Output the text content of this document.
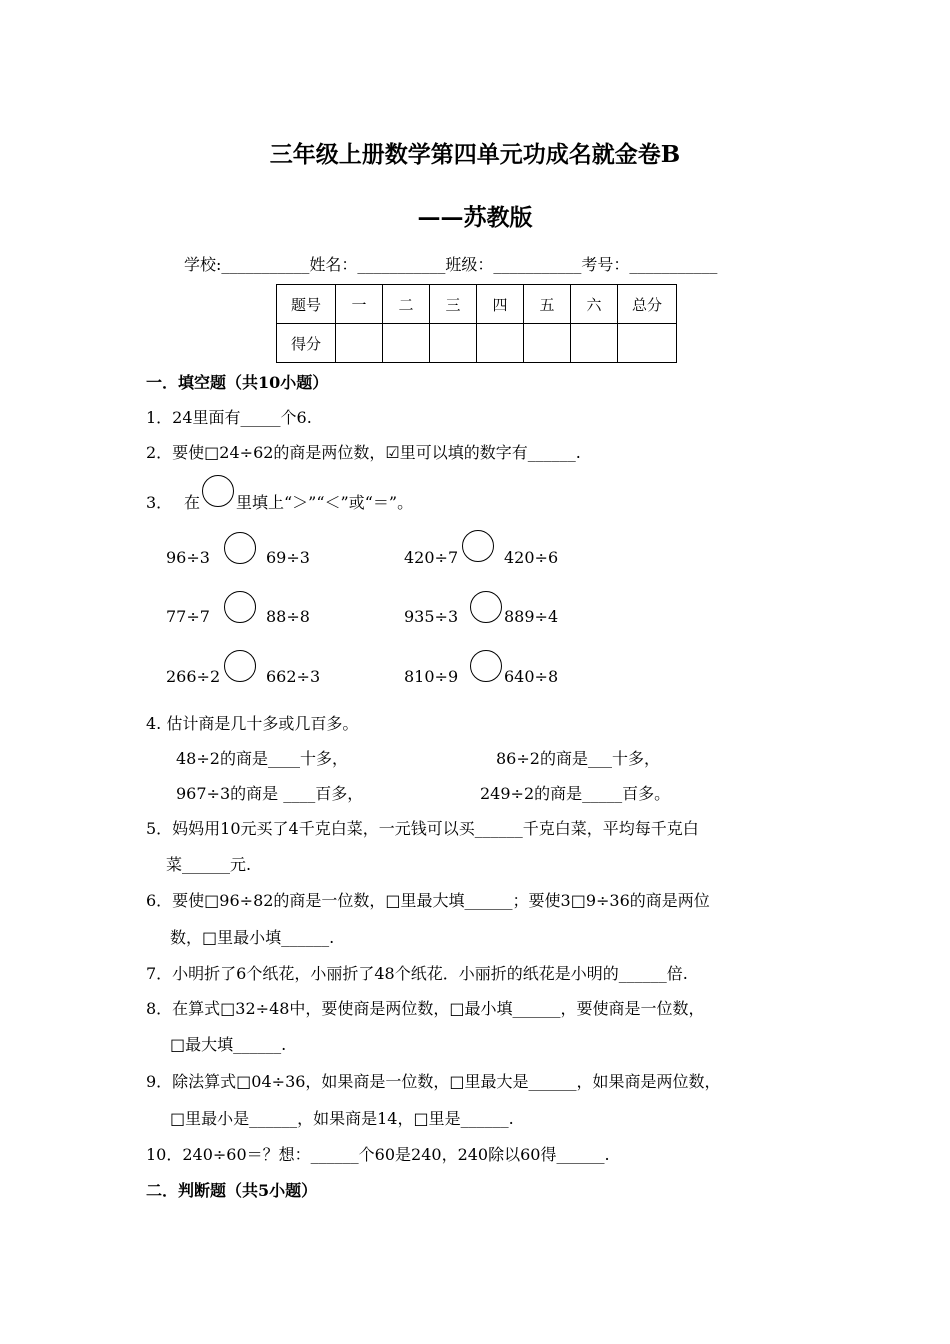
三年级上册数学第四单元功成名就金卷B
——苏教版
学校:___________姓名：___________班级：___________考号：___________
题号	一	二	三	四	五	六	总分
得分							
一．填空题（共10小题）
1．24里面有_____个6.
2．要使□24÷62的商是两位数，☑里可以填的数字有______.
3． 在 里填上“＞”“＜”或“＝”。
96÷3	69÷3	420÷7	420÷6
77÷7	88÷8	935÷3	889÷4
266÷2	662÷3	810÷9	640÷8
4. 估计商是几十多或几百多。
48÷2的商是____十多，	86÷2的商是___十多，
967÷3的商是 ____百多，	249÷2的商是_____百多。
5．妈妈用10元买了4千克白菜，一元钱可以买______千克白菜，平均每千克白
菜______元.
6．要使□96÷82的商是一位数，□里最大填______；要使3□9÷36的商是两位
数，□里最小填______.
7．小明折了6个纸花，小丽折了48个纸花．小丽折的纸花是小明的______倍.
8．在算式□32÷48中，要使商是两位数，□最小填______，要使商是一位数，
□最大填______.
9．除法算式□04÷36，如果商是一位数，□里最大是______，如果商是两位数，
□里最小是______，如果商是14，□里是______.
10．240÷60＝？想：______个60是240，240除以60得______.
二．判断题（共5小题）
